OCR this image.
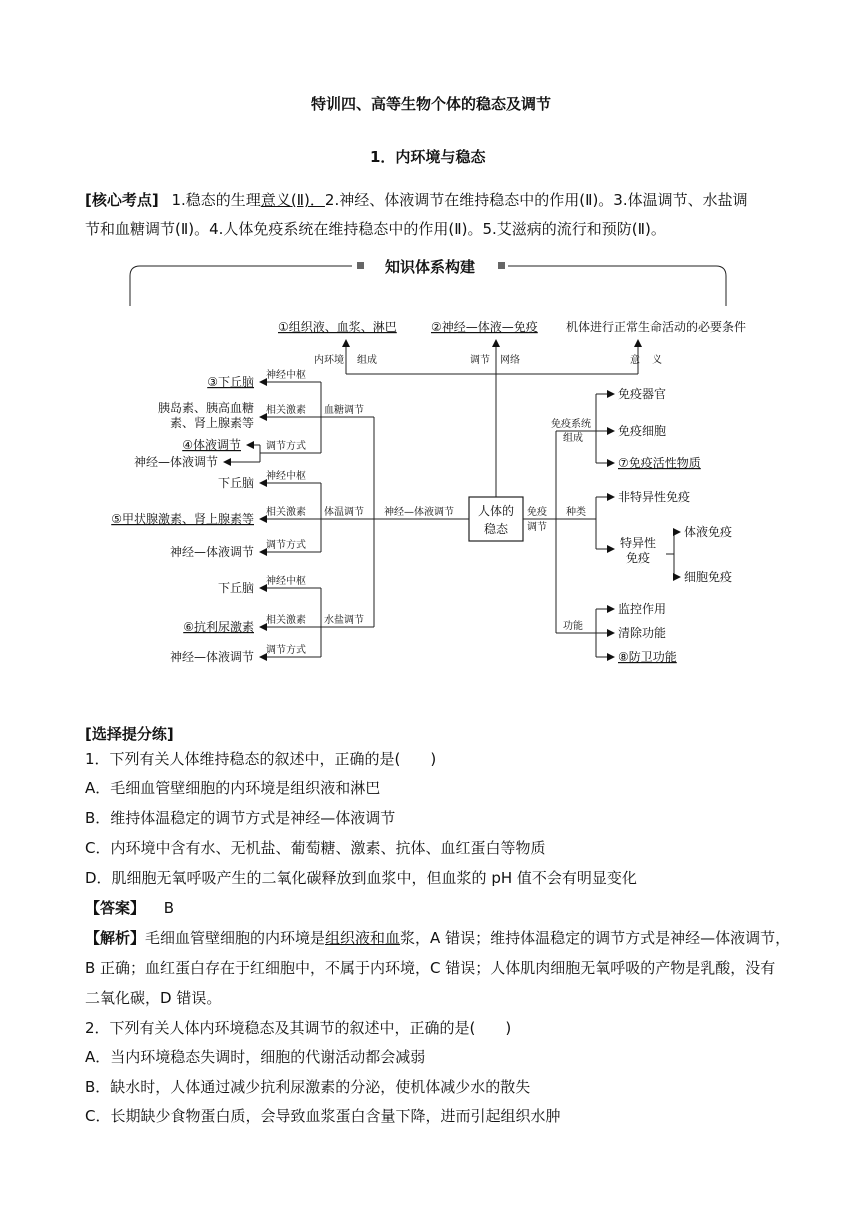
特训四、高等生物个体的稳态及调节
1．内环境与稳态
[核心考点] 1.稳态的生理意义(Ⅱ)．2.神经、体液调节在维持稳态中的作用(Ⅱ)。3.体温调节、水盐调
节和血糖调节(Ⅱ)。4.人体免疫系统在维持稳态中的作用(Ⅱ)。5.艾滋病的流行和预防(Ⅱ)。
知识体系构建
①组织液、血浆、淋巴	②神经—体液—免疫 机体进行正常生命活动的必要条件
内环境 组成	调节 网络	意 义
人体的
稳态
神经—体液调节	免疫
调节
血糖调节
体温调节
水盐调节
神经中枢
相关激素
调节方式
神经中枢
相关激素
调节方式
神经中枢
相关激素
调节方式
③下丘脑
胰岛素、胰高血糖
素、肾上腺素等
④体液调节
神经—体液调节
下丘脑
⑤甲状腺激素、肾上腺素等
神经—体液调节
下丘脑
⑥抗利尿激素
神经—体液调节
免疫系统
组成
种类
功能
免疫器官
免疫细胞
⑦免疫活性物质
非特异性免疫
特异性
免疫
体液免疫
细胞免疫
监控作用
清除功能
⑧防卫功能
[选择提分练]
1．下列有关人体维持稳态的叙述中，正确的是(　　)
A．毛细血管壁细胞的内环境是组织液和淋巴
B．维持体温稳定的调节方式是神经—体液调节
C．内环境中含有水、无机盐、葡萄糖、激素、抗体、血红蛋白等物质
D．肌细胞无氧呼吸产生的二氧化碳释放到血浆中，但血浆的 pH 值不会有明显变化
【答案】 B
【解析】毛细血管壁细胞的内环境是组织液和血浆，A 错误；维持体温稳定的调节方式是神经—体液调节，
B 正确；血红蛋白存在于红细胞中，不属于内环境，C 错误；人体肌肉细胞无氧呼吸的产物是乳酸，没有
二氧化碳，D 错误。
2．下列有关人体内环境稳态及其调节的叙述中，正确的是(　　)
A．当内环境稳态失调时，细胞的代谢活动都会减弱
B．缺水时，人体通过减少抗利尿激素的分泌，使机体减少水的散失
C．长期缺少食物蛋白质，会导致血浆蛋白含量下降，进而引起组织水肿
